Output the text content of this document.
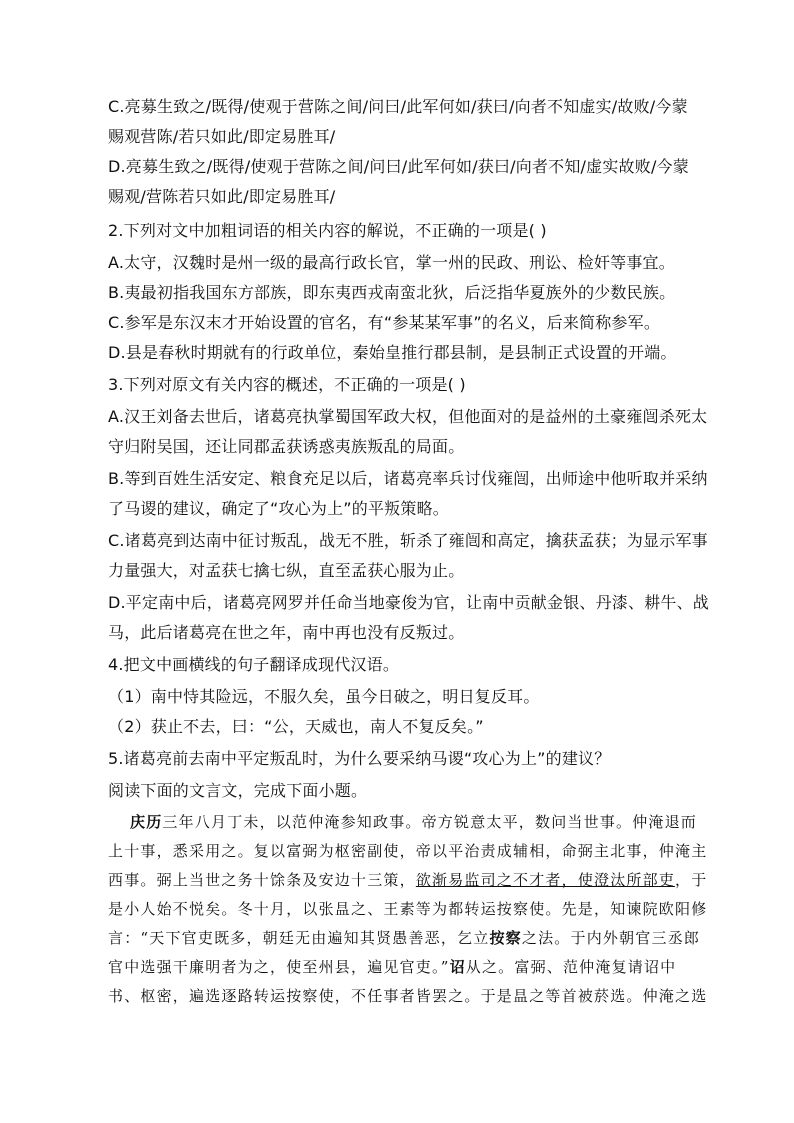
C.亮募生致之/既得/使观于营陈之间/问曰/此军何如/获曰/向者不知虚实/故败/今蒙
赐观营陈/若只如此/即定易胜耳/
D.亮募生致之/既得/使观于营陈之间/问曰/此军何如/获曰/向者不知/虚实故败/今蒙
赐观/营陈若只如此/即定易胜耳/
2.下列对文中加粗词语的相关内容的解说，不正确的一项是( )
A.太守，汉魏时是州一级的最高行政长官，掌一州的民政、刑讼、检奸等事宜。
B.夷最初指我国东方部族，即东夷西戎南蛮北狄，后泛指华夏族外的少数民族。
C.参军是东汉末才开始设置的官名，有“参某某军事”的名义，后来简称参军。
D.县是春秋时期就有的行政单位，秦始皇推行郡县制，是县制正式设置的开端。
3.下列对原文有关内容的概述，不正确的一项是( )
A.汉王刘备去世后，诸葛亮执掌蜀国军政大权，但他面对的是益州的土豪雍闿杀死太
守归附吴国，还让同郡孟获诱惑夷族叛乱的局面。
B.等到百姓生活安定、粮食充足以后，诸葛亮率兵讨伐雍闿，出师途中他听取并采纳
了马谡的建议，确定了“攻心为上”的平叛策略。
C.诸葛亮到达南中征讨叛乱，战无不胜，斩杀了雍闿和高定，擒获孟获；为显示军事
力量强大，对孟获七擒七纵，直至孟获心服为止。
D.平定南中后，诸葛亮网罗并任命当地豪俊为官，让南中贡献金银、丹漆、耕牛、战
马，此后诸葛亮在世之年，南中再也没有反叛过。
4.把文中画横线的句子翻译成现代汉语。
（1）南中恃其险远，不服久矣，虽今日破之，明日复反耳。
（2）获止不去，曰：“公，天威也，南人不复反矣。”
5.诸葛亮前去南中平定叛乱时，为什么要采纳马谡“攻心为上”的建议？
阅读下面的文言文，完成下面小题。
庆历三年八月丁未，以范仲淹参知政事。帝方锐意太平，数问当世事。仲淹退而
上十事，悉采用之。复以富弼为枢密副使，帝以平治责成辅相，命弼主北事，仲淹主
西事。弼上当世之务十馀条及安边十三策，欲渐易监司之不才者，使澄汰所部吏，于
是小人始不悦矣。冬十月，以张昷之、王素等为都转运按察使。先是，知谏院欧阳修
言：“天下官吏既多，朝廷无由遍知其贤愚善恶，乞立按察之法。于内外朝官三丞郎
官中选强干廉明者为之，使至州县，遍见官吏。”诏从之。富弼、范仲淹复请诏中
书、枢密，遍选逐路转运按察使，不任事者皆罢之。于是昷之等首被菸选。仲淹之选
